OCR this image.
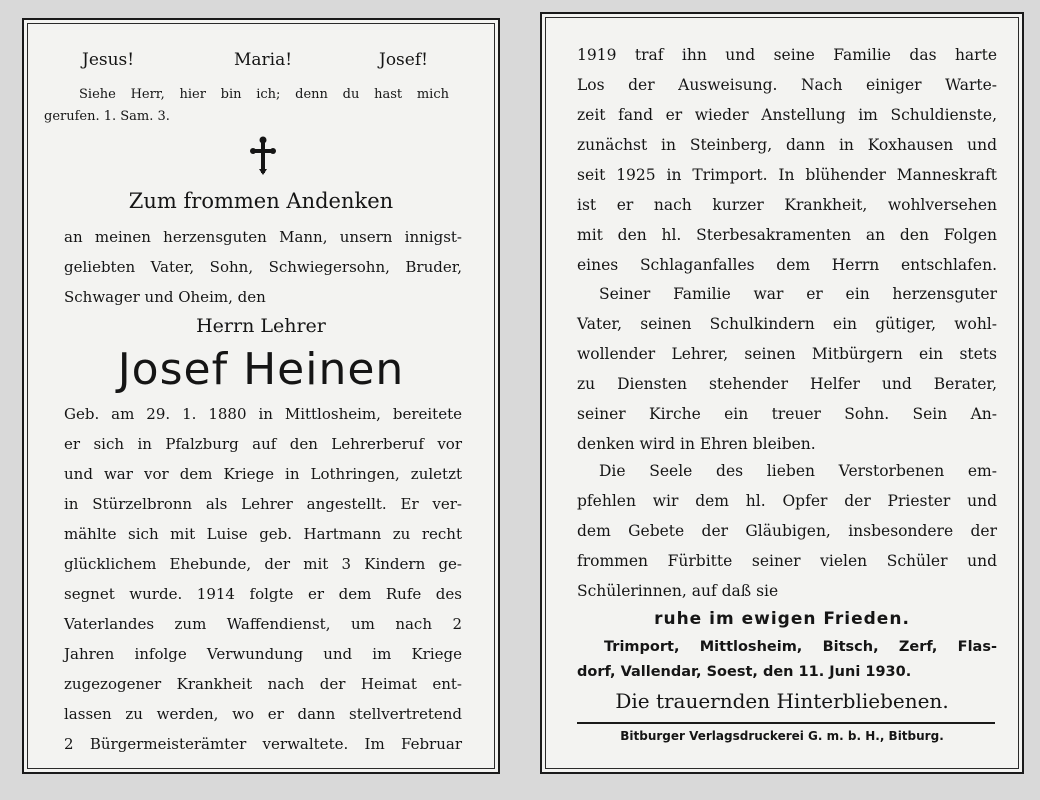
Jesus!	Maria!	Josef!
Siehe Herr, hier bin ich; denn du hast mich
gerufen. 1. Sam. 3.
Zum frommen Andenken
an meinen herzensguten Mann, unsern innigst-
geliebten Vater, Sohn, Schwiegersohn, Bruder,
Schwager und Oheim, den
Herrn Lehrer
Josef Heinen
Geb. am 29. 1. 1880 in Mittlosheim, bereitete
er sich in Pfalzburg auf den Lehrerberuf vor
und war vor dem Kriege in Lothringen, zuletzt
in Stürzelbronn als Lehrer angestellt. Er ver-
mählte sich mit Luise geb. Hartmann zu recht
glücklichem Ehebunde, der mit 3 Kindern ge-
segnet wurde. 1914 folgte er dem Rufe des
Vaterlandes zum Waffendienst, um nach 2
Jahren infolge Verwundung und im Kriege
zugezogener Krankheit nach der Heimat ent-
lassen zu werden, wo er dann stellvertretend
2 Bürgermeisterämter verwaltete. Im Februar
1919 traf ihn und seine Familie das harte
Los der Ausweisung. Nach einiger Warte-
zeit fand er wieder Anstellung im Schuldienste,
zunächst in Steinberg, dann in Koxhausen und
seit 1925 in Trimport. In blühender Manneskraft
ist er nach kurzer Krankheit, wohlversehen
mit den hl. Sterbesakramenten an den Folgen
eines Schlaganfalles dem Herrn entschlafen.
Seiner Familie war er ein herzensguter
Vater, seinen Schulkindern ein gütiger, wohl-
wollender Lehrer, seinen Mitbürgern ein stets
zu Diensten stehender Helfer und Berater,
seiner Kirche ein treuer Sohn. Sein An-
denken wird in Ehren bleiben.
Die Seele des lieben Verstorbenen em-
pfehlen wir dem hl. Opfer der Priester und
dem Gebete der Gläubigen, insbesondere der
frommen Fürbitte seiner vielen Schüler und
Schülerinnen, auf daß sie
ruhe im ewigen Frieden.
Trimport, Mittlosheim, Bitsch, Zerf, Flas-
dorf, Vallendar, Soest, den 11. Juni 1930.
Die trauernden Hinterbliebenen.
Bitburger Verlagsdruckerei G. m. b. H., Bitburg.
